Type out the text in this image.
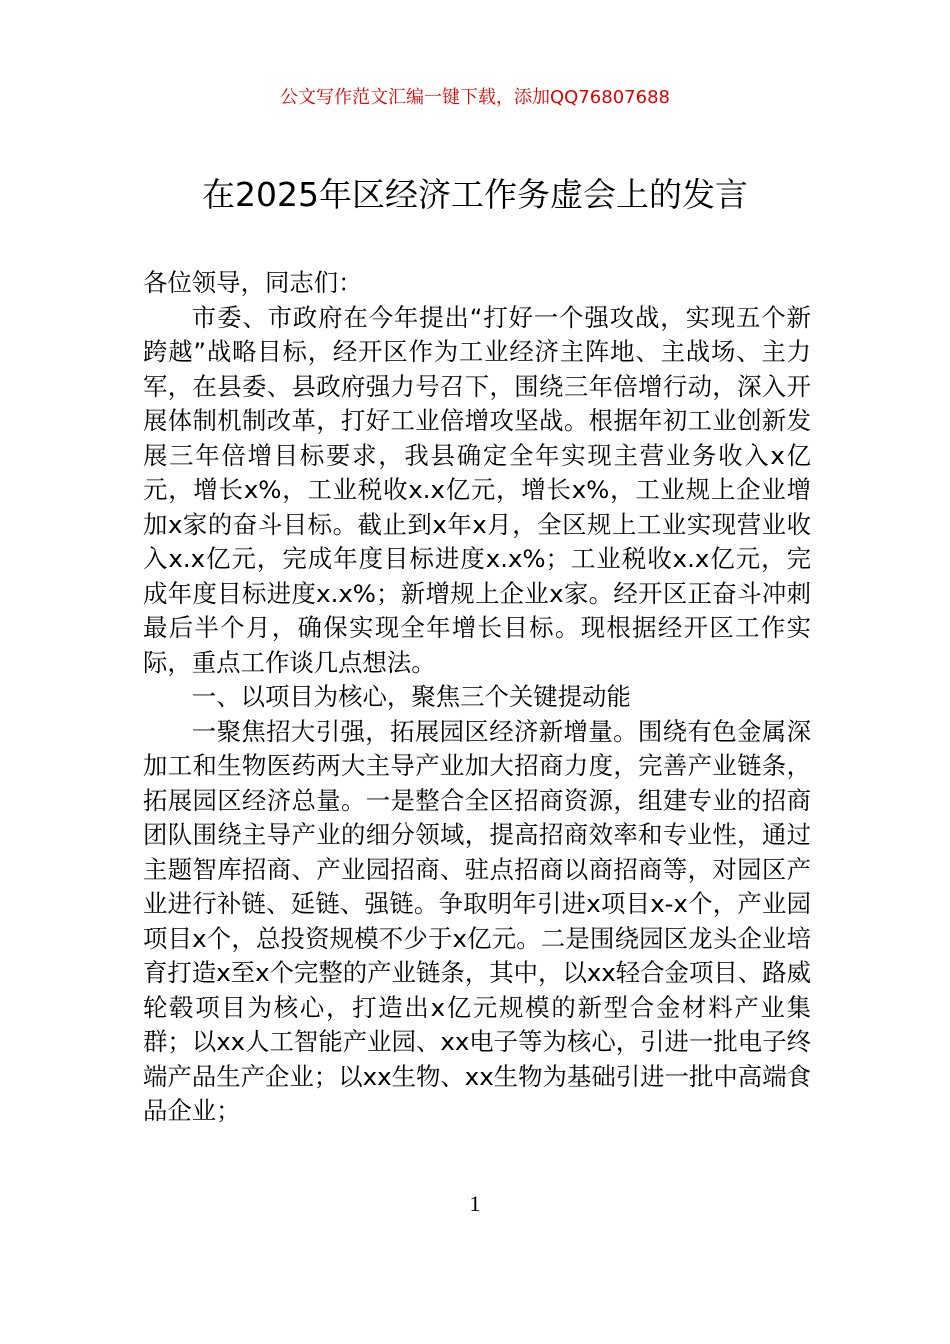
公文写作范文汇编一键下载，添加QQ76807688
在2025年区经济工作务虚会上的发言

各位领导，同志们：

市委、市政府在今年提出“打好一个强攻战，实现五个新跨越”战略目标，经开区作为工业经济主阵地、主战场、主力军，在县委、县政府强力号召下，围绕三年倍增行动，深入开展体制机制改革，打好工业倍增攻坚战。根据年初工业创新发展三年倍增目标要求，我县确定全年实现主营业务收入x亿元，增长x%，工业税收x.x亿元，增长x%，工业规上企业增加x家的奋斗目标。截止到x年x月，全区规上工业实现营业收入x.x亿元，完成年度目标进度x.x%；工业税收x.x亿元，完成年度目标进度x.x%；新增规上企业x家。经开区正奋斗冲刺最后半个月，确保实现全年增长目标。现根据经开区工作实际，重点工作谈几点想法。

一、以项目为核心，聚焦三个关键提动能

一聚焦招大引强，拓展园区经济新增量。围绕有色金属深加工和生物医药两大主导产业加大招商力度，完善产业链条，拓展园区经济总量。一是整合全区招商资源，组建专业的招商团队围绕主导产业的细分领域，提高招商效率和专业性，通过主题智库招商、产业园招商、驻点招商以商招商等，对园区产业进行补链、延链、强链。争取明年引进x项目x-x个，产业园项目x个，总投资规模不少于x亿元。二是围绕园区龙头企业培育打造x至x个完整的产业链条，其中，以xx轻合金项目、路威轮毂项目为核心，打造出x亿元规模的新型合金材料产业集群；以xx人工智能产业园、xx电子等为核心，引进一批电子终端产品生产企业；以xx生物、xx生物为基础引进一批中高端食品企业；

1
